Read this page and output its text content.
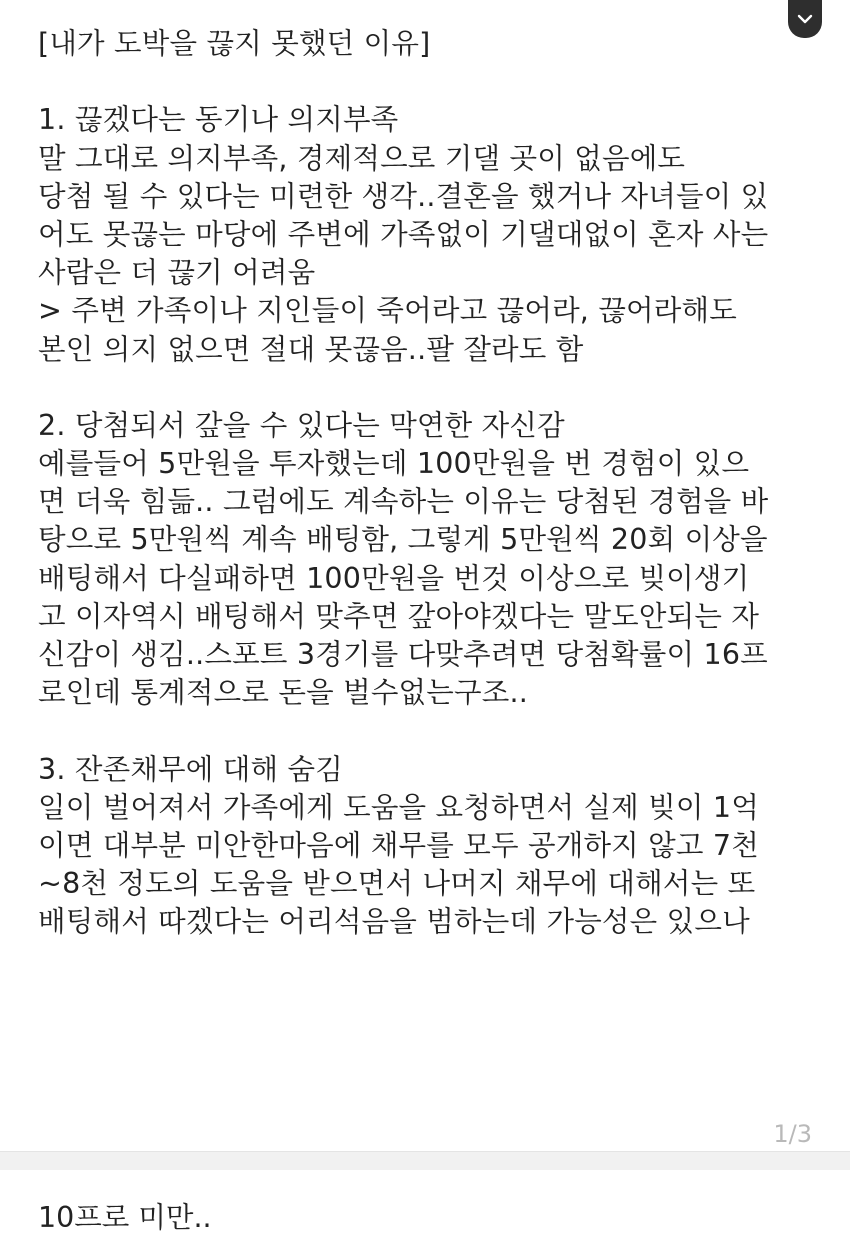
[내가 도박을 끊지 못했던 이유]
1. 끊겠다는 동기나 의지부족
말 그대로 의지부족, 경제적으로 기댈 곳이 없음에도
당첨 될 수 있다는 미련한 생각..결혼을 했거나 자녀들이 있
어도 못끊는 마당에 주변에 가족없이 기댈대없이 혼자 사는
사람은 더 끊기 어려움
> 주변 가족이나 지인들이 죽어라고 끊어라, 끊어라해도
본인 의지 없으면 절대 못끊음..팔 잘라도 함
2. 당첨되서 갚을 수 있다는 막연한 자신감
예를들어 5만원을 투자했는데 100만원을 번 경험이 있으
면 더욱 힘듦.. 그럼에도 계속하는 이유는 당첨된 경험을 바
탕으로 5만원씩 계속 배팅함, 그렇게 5만원씩 20회 이상을
배팅해서 다실패하면 100만원을 번것 이상으로 빚이생기
고 이자역시 배팅해서 맞추면 갚아야겠다는 말도안되는 자
신감이 생김..스포트 3경기를 다맞추려면 당첨확률이 16프
로인데 통계적으로 돈을 벌수없는구조..
3. 잔존채무에 대해 숨김
일이 벌어져서 가족에게 도움을 요청하면서 실제 빚이 1억
이면 대부분 미안한마음에 채무를 모두 공개하지 않고 7천
~8천 정도의 도움을 받으면서 나머지 채무에 대해서는 또
배팅해서 따겠다는 어리석음을 범하는데 가능성은 있으나
1/3
10프로 미만..
